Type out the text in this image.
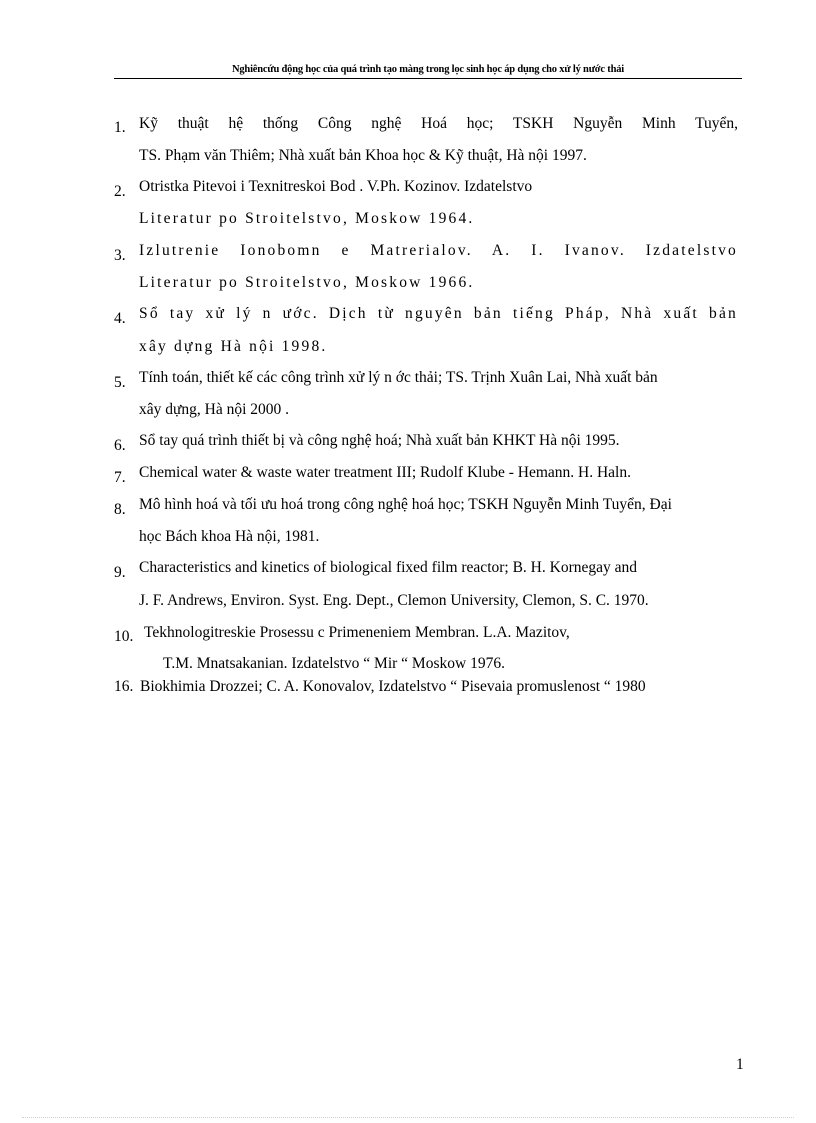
Nghiêncứu động học của quá trình tạo màng trong lọc sinh học áp dụng cho xử lý nước thải
1. Kỹ thuật hệ thống Công nghệ Hoá học; TSKH Nguyễn Minh Tuyển,
TS. Phạm văn Thiêm; Nhà xuất bản Khoa học & Kỹ thuật, Hà nội 1997.
2. Otristka Pitevoi i Texnitreskoi Bod . V.Ph. Kozinov. Izdatelstvo
Literatur po Stroitelstvo, Moskow 1964.
3. Izlutrenie Ionobomn e Matrerialov. A. I. Ivanov. Izdatelstvo
Literatur po Stroitelstvo, Moskow 1966.
4. Sổ tay xử lý n ước. Dịch từ nguyên bản tiếng Pháp, Nhà xuất bản
xây dựng Hà nội 1998.
5. Tính toán, thiết kế các công trình xử lý n ớc thải; TS. Trịnh Xuân Lai, Nhà xuất bản
xây dựng, Hà nội 2000 .
6. Sổ tay quá trình thiết bị và công nghệ hoá; Nhà xuất bản KHKT Hà nội 1995.
7. Chemical water & waste water treatment III; Rudolf Klube - Hemann. H. Haln.
8. Mô hình hoá và tối ưu hoá trong công nghệ hoá học; TSKH Nguyễn Minh Tuyển, Đại
học Bách khoa Hà nội, 1981.
9. Characteristics and kinetics of biological fixed film reactor; B. H. Kornegay and
J. F. Andrews, Environ. Syst. Eng. Dept., Clemon University, Clemon, S. C. 1970.
10. Tekhnologitreskie Prosessu c Primeneniem Membran. L.A. Mazitov,
T.M. Mnatsakanian. Izdatelstvo “ Mir “ Moskow 1976.
16. Biokhimia Drozzei; C. A. Konovalov, Izdatelstvo “ Pisevaia promuslenost “ 1980
1
